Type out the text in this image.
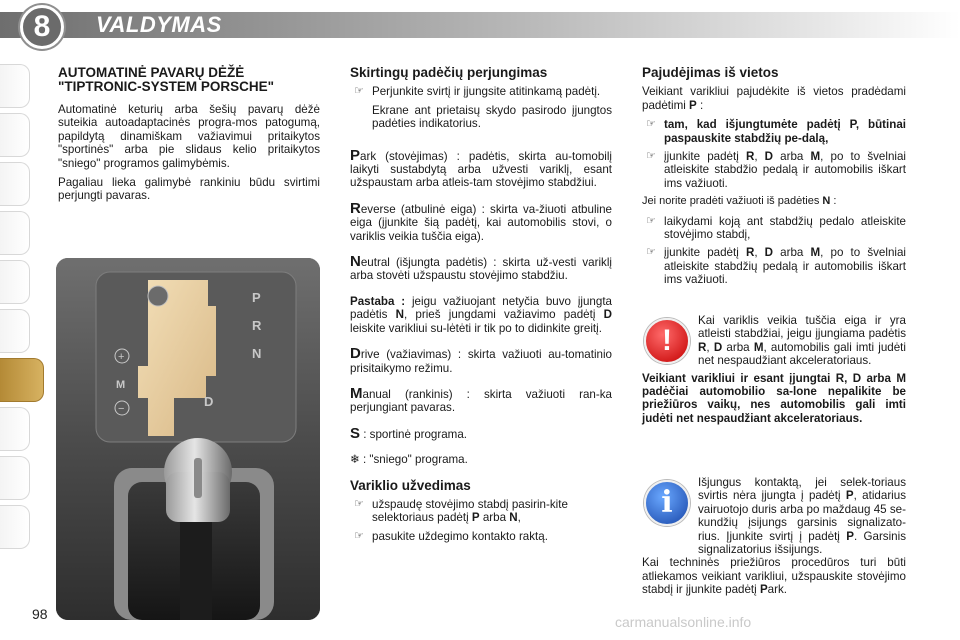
8	VALDYMAS
98
AUTOMATINĖ PAVARŲ DĖŽĖ "TIPTRONIC-SYSTEM PORSCHE"

Automatinė keturių arba šešių pavarų dėžė suteikia autoadaptacinės progra-mos patogumą, papildytą dinamiškam važiavimui pritaikytos "sportinės" arba pie slidaus kelio pritaikytos "sniego" programos galimybėmis.

Pagaliau lieka galimybė rankiniu būdu svirtimi perjungti pavaras.

P
R
N
D
M
+
−
Skirtingų padėčių perjungimas
☞ Perjunkite svirtį ir įjungsite atitinkamą padėtį.

Ekrane ant prietaisų skydo pasirodo įjungtos padėties indikatorius.

Park (stovėjimas) : padėtis, skirta au-tomobilį laikyti sustabdytą arba užvesti variklį, esant užspaustam arba atleis-tam stovėjimo stabdžiui.

Reverse (atbulinė eiga) : skirta va-žiuoti atbuline eiga (įjunkite šią padėtį, kai automobilis stovi, o variklis veikia tuščia eiga).

Neutral (išjungta padėtis) : skirta už-vesti variklį arba stovėti užspaustu stovėjimo stabdžiu.

Pastaba : jeigu važiuojant netyčia buvo įjungta padėtis N, prieš jungdami važiavimo padėtį D leiskite varikliui su-lėtėti ir tik po to didinkite greitį.

Drive (važiavimas) : skirta važiuoti au-tomatinio prisitaikymo režimu.

Manual (rankinis) : skirta važiuoti ran-ka perjungiant pavaras.

S : sportinė programa.

❄ : "sniego" programa.

Variklio užvedimas
☞ užspaudę stovėjimo stabdį pasirin-kite selektoriaus padėtį P arba N,
☞ pasukite uždegimo kontakto raktą.
Pajudėjimas iš vietos

Veikiant varikliui pajudėkite iš vietos pradėdami padėtimi P :

☞ tam, kad išjungtumėte padėtį P, būtinai paspauskite stabdžių pe-dalą,
☞ įjunkite padėtį R, D arba M, po to švelniai atleiskite stabdžio pedalą ir automobilis iškart ims važiuoti.

Jei norite pradėti važiuoti iš padėties N :

☞ laikydami koją ant stabdžių pedalo atleiskite stovėjimo stabdį,
☞ įjunkite padėtį R, D arba M, po to švelniai atleiskite stabdžių pedalą ir automobilis iškart ims važiuoti.
!

Kai variklis veikia tuščia eiga ir yra atleisti stabdžiai, jeigu įjungiama padėtis R, D arba M, automobilis gali imti judėti net nespaudžiant akceleratoriaus.

Veikiant varikliui ir esant įjungtai R, D arba M padėčiai automobilio sa-lone nepalikite be priežiūros vaikų, nes automobilis gali imti judėti net nespaudžiant akceleratoriaus.
i

Išjungus kontaktą, jei selek-toriaus svirtis nėra įjungta į padėtį P, atidarius vairuotojo duris arba po maždaug 45 se-kundžių įsijungs garsinis signalizato-rius. Įjunkite svirtį į padėtį P. Garsinis signalizatorius išsijungs.

Kai techninės priežiūros procedūros turi būti atliekamos veikiant varikliui, užspauskite stovėjimo stabdį ir įjunkite padėtį Park.

carmanualsonline.info
